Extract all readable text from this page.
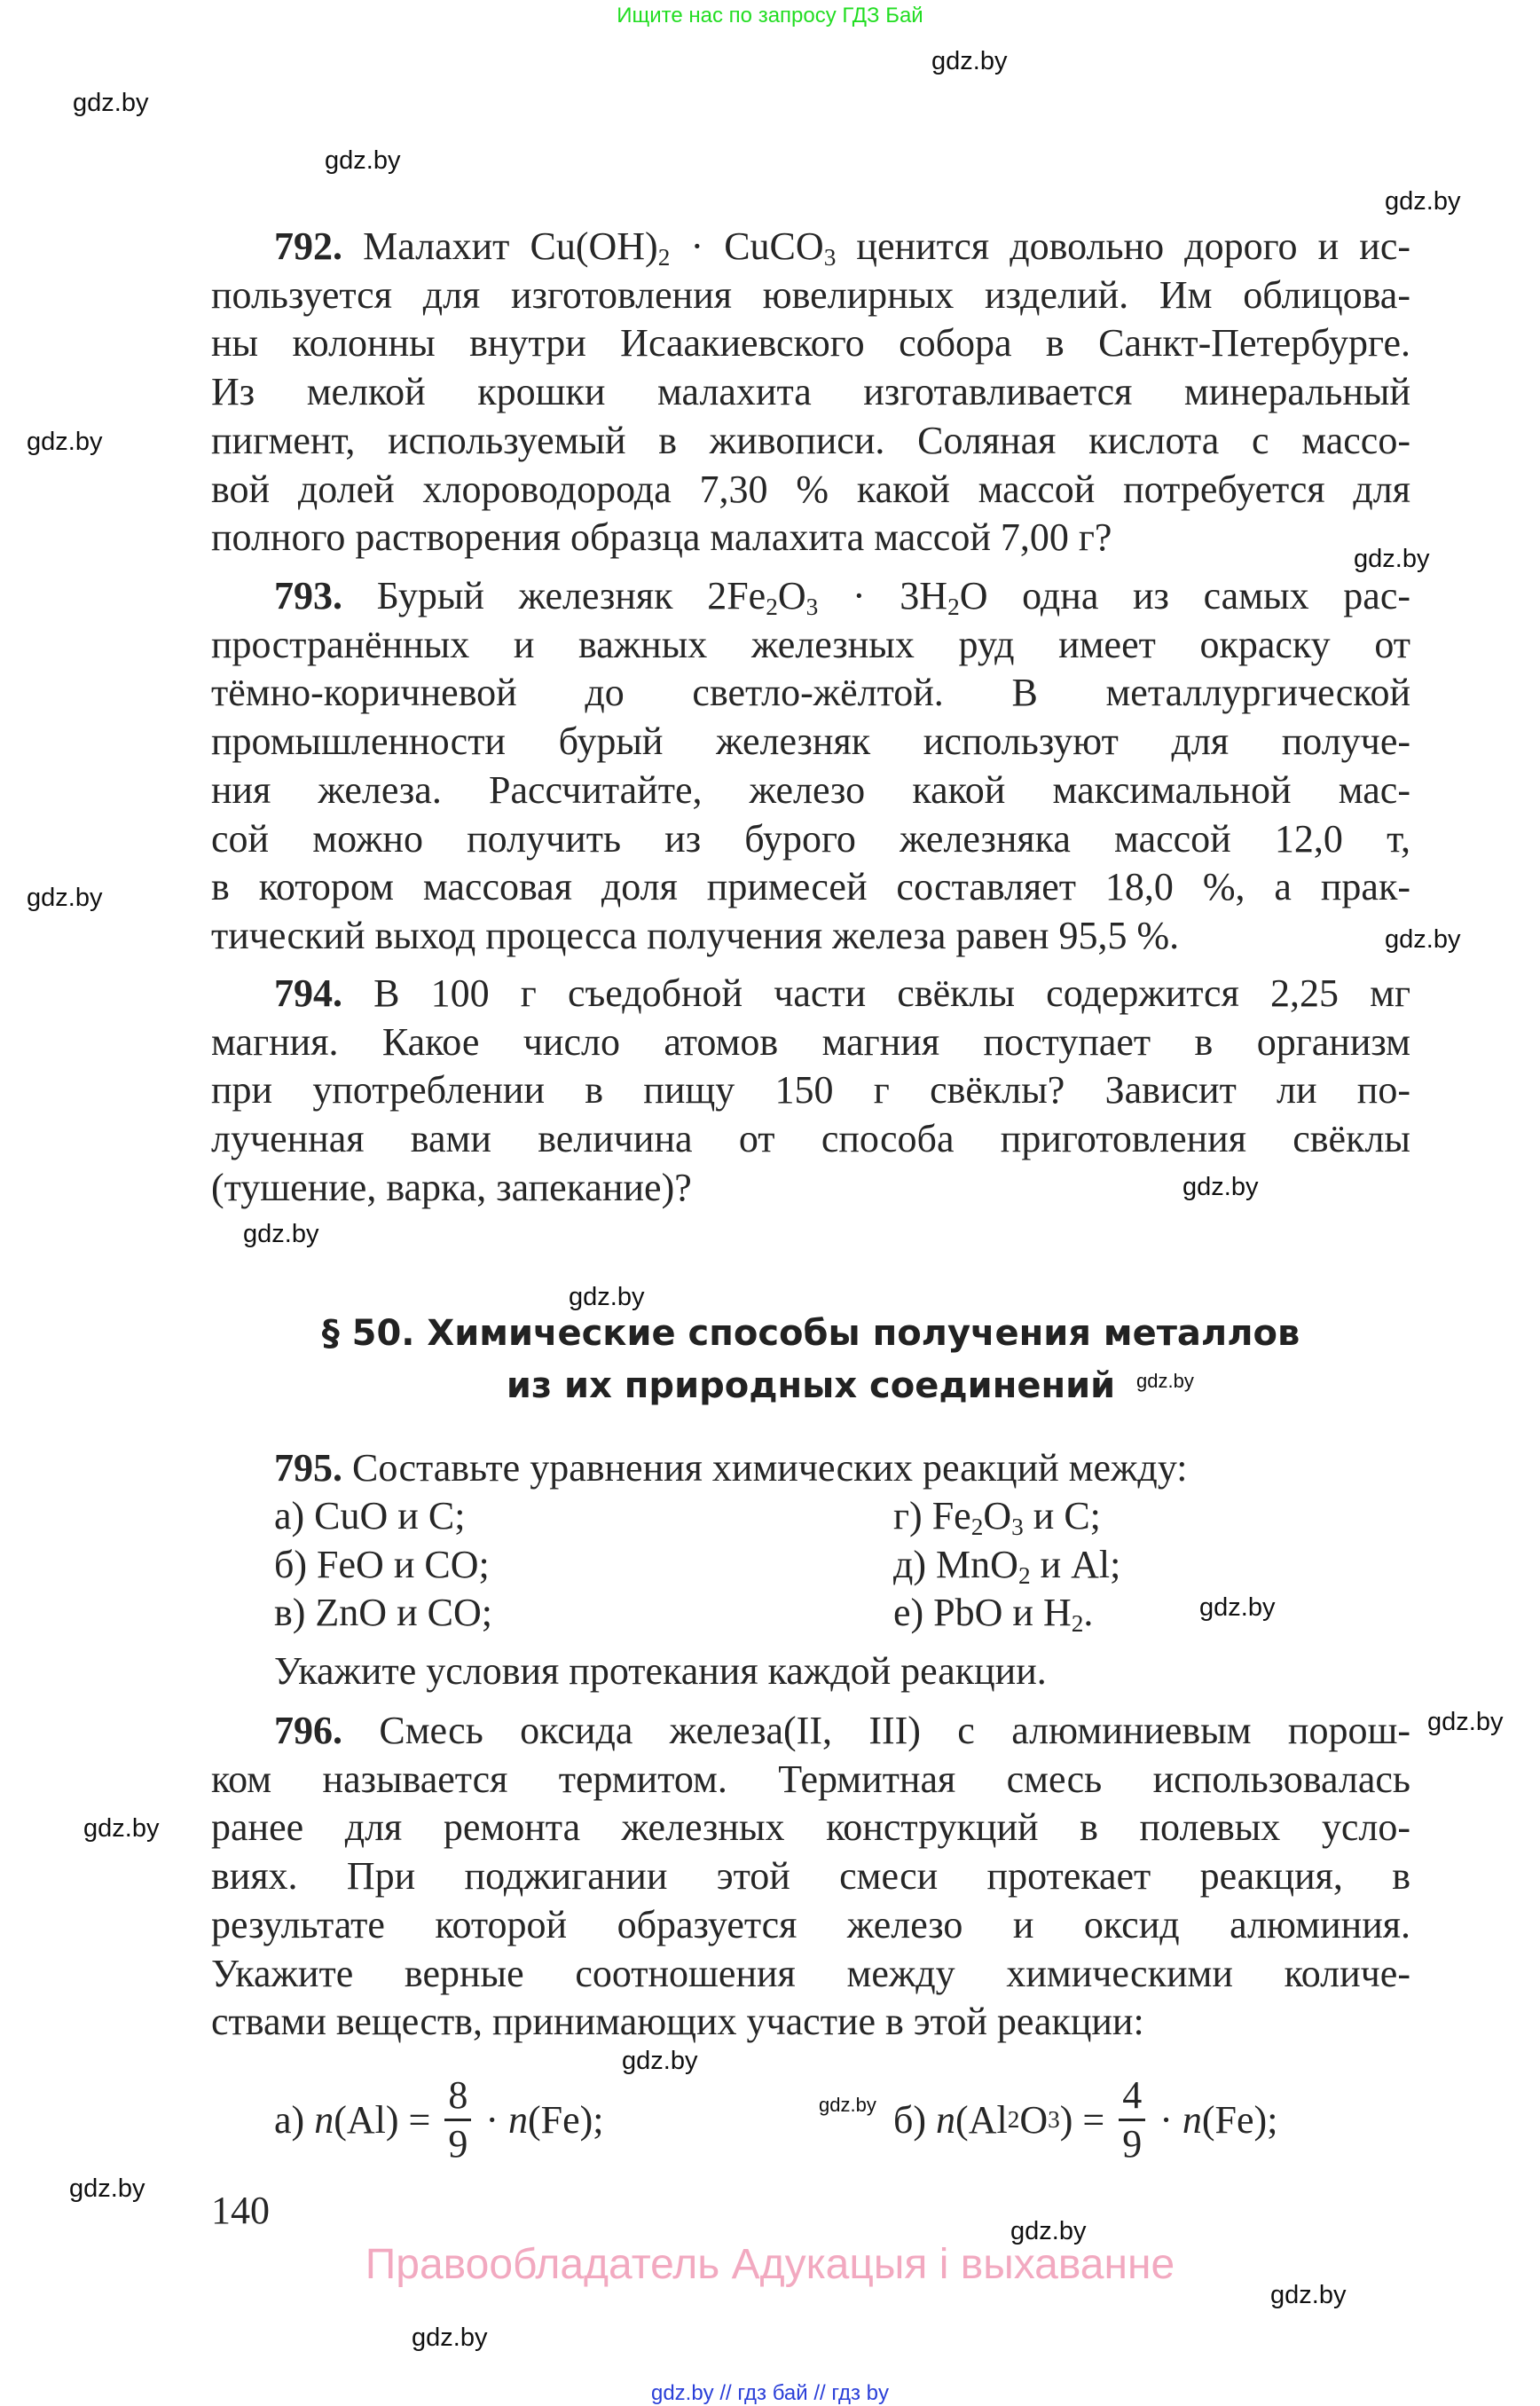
Ищите нас по запросу ГДЗ Бай
gdz.by
gdz.by
gdz.by
gdz.by
gdz.by
gdz.by
gdz.by
gdz.by
gdz.by
gdz.by
gdz.by
gdz.by
gdz.by
gdz.by
gdz.by
gdz.by
gdz.by
gdz.by
gdz.by
gdz.by
gdz.by
§ 50. Химические способы получения металлов
из их природных соединений
а)
n (Al)
= $\frac{8}{9}$ ·
n (Fe);	б)
n (Al 2 O 3 )
= $\frac{4}{9}$ ·
n (Fe);
140
Правообладатель Адукацыя і выхаванне
gdz.by // гдз бай // гдз by
792. Малахит $Cu(OH)_2$ · CuCO$_3$ ценится довольно дорого и ис-
пользуется для изготовления ювелирных изделий. Им облицова-
ны колонны внутри Исаакиевского собора в Санкт-Петербурге.
Из мелкой крошки малахита изготавливается минеральный
пигмент, используемый в живописи. Соляная кислота с массо-
вой долей хлороводорода 7,30 % какой массой потребуется для
полного растворения образца малахита массой 7,00 г?
793. Бурый железняк $2Fe_2O_3 \cdot 3H_2O$ одна из самых рас-
пространённых и важных железных руд имеет окраску от
тёмно-коричневой до светло-жёлтой. В металлургической
промышленности бурый железняк используют для получе-
ния железа. Рассчитайте, железо какой максимальной мас-
сой можно получить из бурого железняка массой 12,0 т,
в котором массовая доля примесей составляет 18,0 %, а прак-
тический выход процесса получения железа равен 95,5 %.
794. В 100 г съедобной части свёклы содержится 2,25 мг
магния. Какое число атомов магния поступает в организм
при употреблении в пищу 150 г свёклы? Зависит ли по-
лученная вами величина от способа приготовления свёклы
(тушение, варка, запекание)?
795. Составьте уравнения химических реакций между:
Укажите условия протекания каждой реакции.
796. Смесь оксида железа(II, III) с алюминиевым порош-
ком называется термитом. Термитная смесь использовалась
ранее для ремонта железных конструкций в полевых усло-
виях. При поджигании этой смеси протекает реакция, в
результате которой образуется железо и оксид алюминия.
Укажите верные соотношения между химическими количе-
ствами веществ, принимающих участие в этой реакции:
а) CuO и C;
б) FeO и CO;
в) ZnO и CO;
г) $Fe_2O_3$ и C;
д) MnO$_2$ и Al;
е) PbO и $H_2$.
